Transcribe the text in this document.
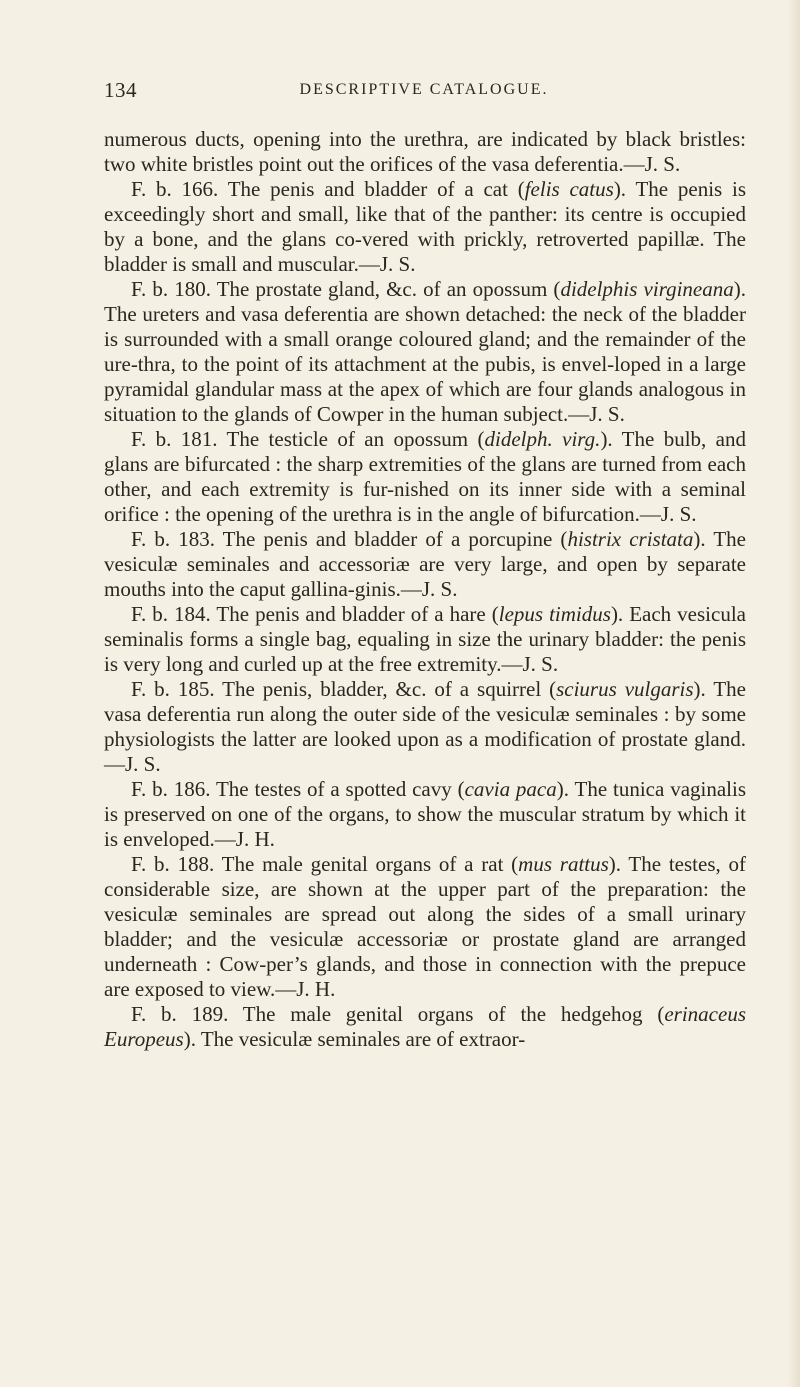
134	DESCRIPTIVE CATALOGUE.

numerous ducts, opening into the urethra, are indicated by black bristles: two white bristles point out the orifices of the vasa deferentia.—J. S.

F. b. 166. The penis and bladder of a cat (felis catus). The penis is exceedingly short and small, like that of the panther: its centre is occupied by a bone, and the glans co-vered with prickly, retroverted papillæ. The bladder is small and muscular.—J. S.

F. b. 180. The prostate gland, &c. of an opossum (didelphis virgineana). The ureters and vasa deferentia are shown detached: the neck of the bladder is surrounded with a small orange coloured gland; and the remainder of the ure-thra, to the point of its attachment at the pubis, is envel-loped in a large pyramidal glandular mass at the apex of which are four glands analogous in situation to the glands of Cowper in the human subject.—J. S.

F. b. 181. The testicle of an opossum (didelph. virg.). The bulb, and glans are bifurcated : the sharp extremities of the glans are turned from each other, and each extremity is fur-nished on its inner side with a seminal orifice : the opening of the urethra is in the angle of bifurcation.—J. S.

F. b. 183. The penis and bladder of a porcupine (histrix cristata). The vesiculæ seminales and accessoriæ are very large, and open by separate mouths into the caput gallina-ginis.—J. S.

F. b. 184. The penis and bladder of a hare (lepus timidus). Each vesicula seminalis forms a single bag, equaling in size the urinary bladder: the penis is very long and curled up at the free extremity.—J. S.

F. b. 185. The penis, bladder, &c. of a squirrel (sciurus vulgaris). The vasa deferentia run along the outer side of the vesiculæ seminales : by some physiologists the latter are looked upon as a modification of prostate gland.—J. S.

F. b. 186. The testes of a spotted cavy (cavia paca). The tunica vaginalis is preserved on one of the organs, to show the muscular stratum by which it is enveloped.—J. H.

F. b. 188. The male genital organs of a rat (mus rattus). The testes, of considerable size, are shown at the upper part of the preparation: the vesiculæ seminales are spread out along the sides of a small urinary bladder; and the vesiculæ accessoriæ or prostate gland are arranged underneath : Cow-per’s glands, and those in connection with the prepuce are exposed to view.—J. H.

F. b. 189. The male genital organs of the hedgehog (erinaceus Europeus). The vesiculæ seminales are of extraor-
